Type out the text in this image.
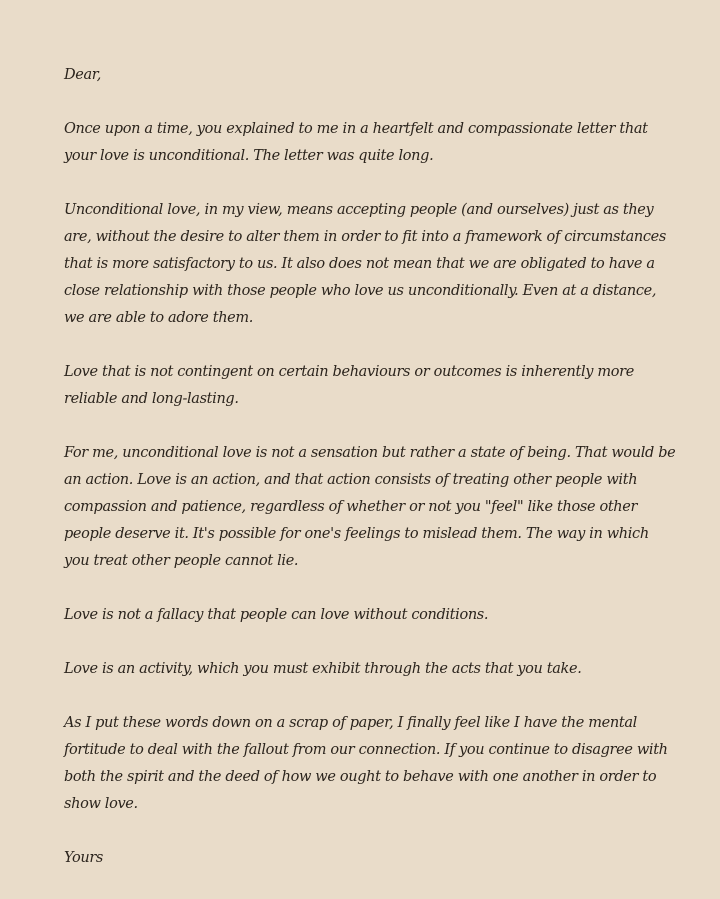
Dear,

Once upon a time, you explained to me in a heartfelt and compassionate letter that your love is unconditional. The letter was quite long.

Unconditional love, in my view, means accepting people (and ourselves) just as they are, without the desire to alter them in order to fit into a framework of circumstances that is more satisfactory to us. It also does not mean that we are obligated to have a close relationship with those people who love us unconditionally. Even at a distance, we are able to adore them.

Love that is not contingent on certain behaviours or outcomes is inherently more reliable and long-lasting.

For me, unconditional love is not a sensation but rather a state of being. That would be an action. Love is an action, and that action consists of treating other people with compassion and patience, regardless of whether or not you "feel" like those other people deserve it. It's possible for one's feelings to mislead them. The way in which you treat other people cannot lie.

Love is not a fallacy that people can love without conditions.

Love is an activity, which you must exhibit through the acts that you take.

As I put these words down on a scrap of paper, I finally feel like I have the mental fortitude to deal with the fallout from our connection. If you continue to disagree with both the spirit and the deed of how we ought to behave with one another in order to show love.

Yours
